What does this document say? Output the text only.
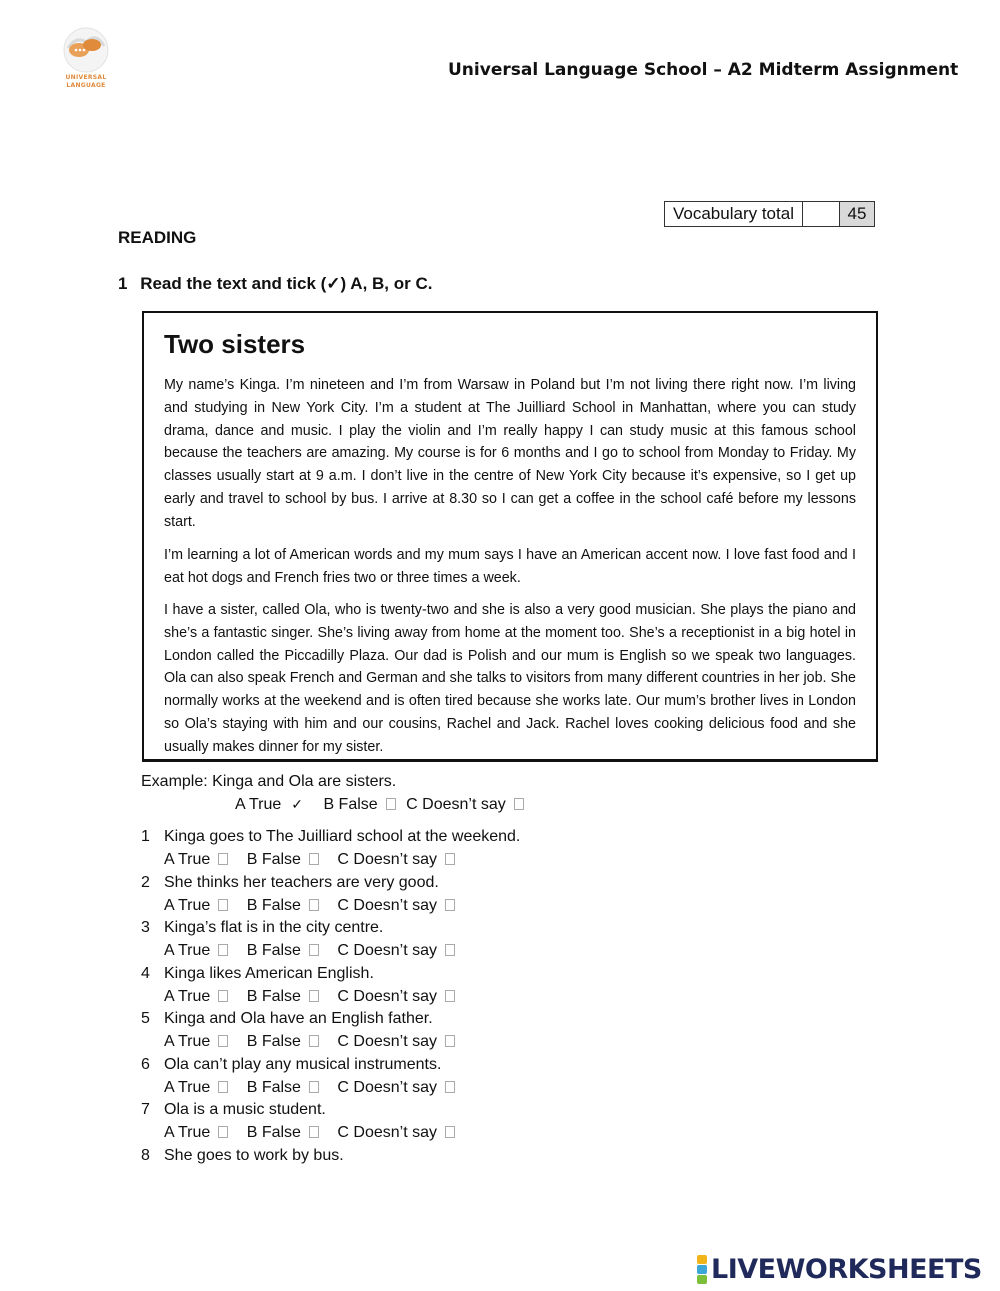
UNIVERSAL
LANGUAGE
Universal Language School – A2 Midterm Assignment
Vocabulary total	45
READING
1 Read the text and tick (✓) A, B, or C.
Two sisters

My name’s Kinga. I’m nineteen and I’m from Warsaw in Poland but I’m not living there right now. I’m living and studying in New York City. I’m a student at The Juilliard School in Manhattan, where you can study drama, dance and music. I play the violin and I’m really happy I can study music at this famous school because the teachers are amazing. My course is for 6 months and I go to school from Monday to Friday. My classes usually start at 9 a.m. I don’t live in the centre of New York City because it’s expensive, so I get up early and travel to school by bus. I arrive at 8.30 so I can get a coffee in the school café before my lessons start.

I’m learning a lot of American words and my mum says I have an American accent now. I love fast food and I eat hot dogs and French fries two or three times a week.

I have a sister, called Ola, who is twenty-two and she is also a very good musician. She plays the piano and she’s a fantastic singer. She’s living away from home at the moment too. She’s a receptionist in a big hotel in London called the Piccadilly Plaza. Our dad is Polish and our mum is English so we speak two languages. Ola can also speak French and German and she talks to visitors from many different countries in her job. She normally works at the weekend and is often tired because she works late. Our mum’s brother lives in London so Ola’s staying with him and our cousins, Rachel and Jack. Rachel loves cooking delicious food and she usually makes dinner for my sister.

Example: Kinga and Ola are sisters.
A True ✓ B False C Doesn’t say
1 Kinga goes to The Juilliard school at the weekend.
A True B False C Doesn’t say
2 She thinks her teachers are very good.
A True B False C Doesn’t say
3 Kinga’s flat is in the city centre.
A True B False C Doesn’t say
4 Kinga likes American English.
A True B False C Doesn’t say
5 Kinga and Ola have an English father.
A True B False C Doesn’t say
6 Ola can’t play any musical instruments.
A True B False C Doesn’t say
7 Ola is a music student.
A True B False C Doesn’t say
8 She goes to work by bus.
LIVEWORKSHEETS
